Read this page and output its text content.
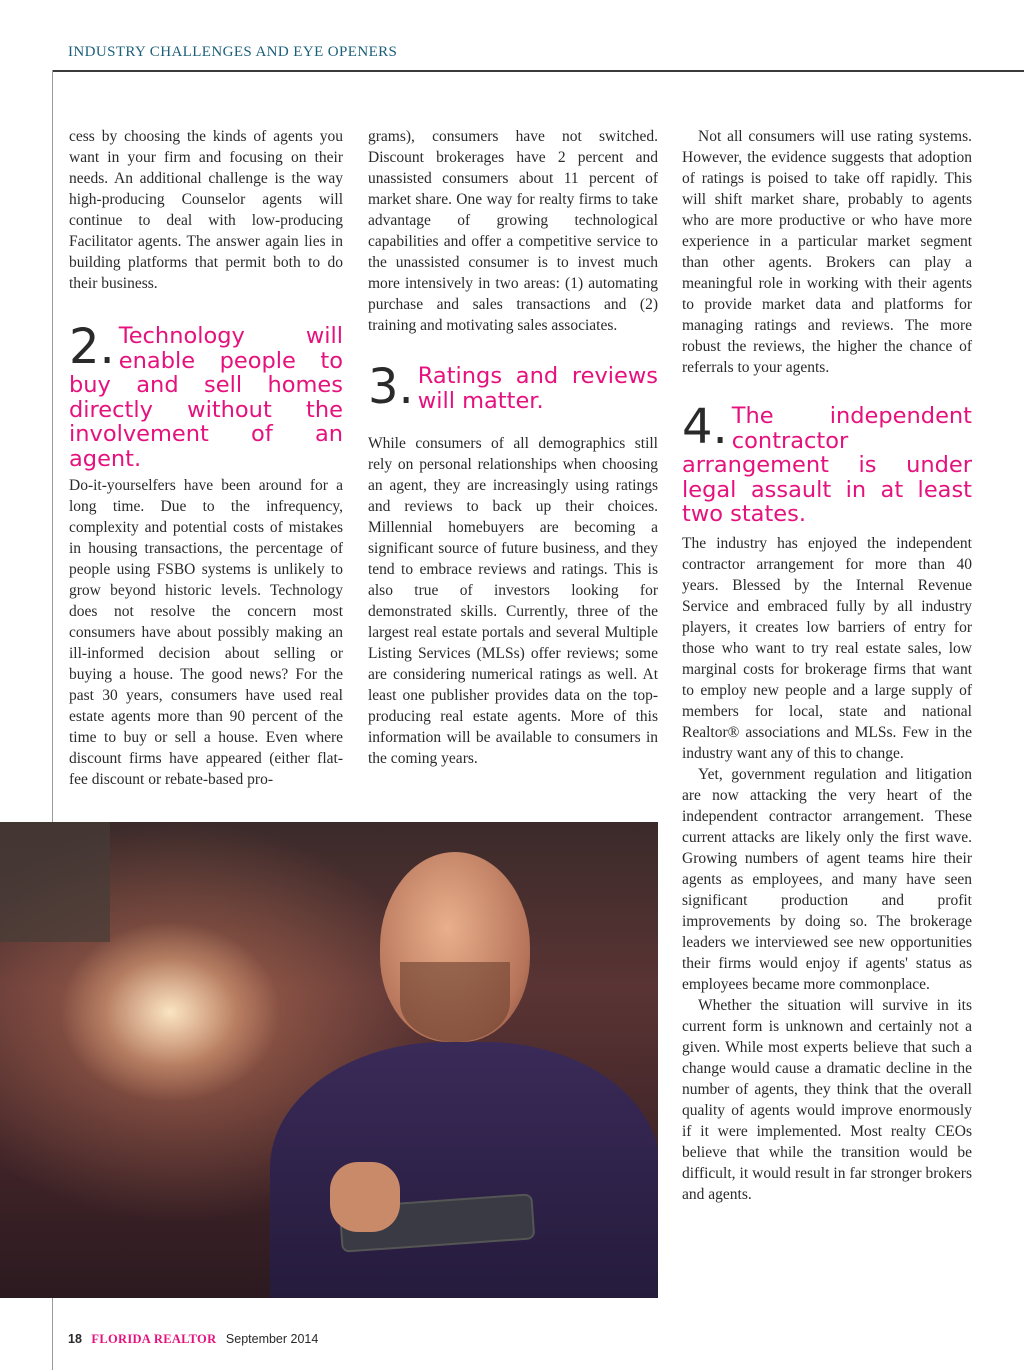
INDUSTRY CHALLENGES AND EYE OPENERS

cess by choosing the kinds of agents you want in your firm and focusing on their needs. An additional challenge is the way high-producing Counselor agents will continue to deal with low-producing Facilitator agents. The answer again lies in building platforms that permit both to do their business.

2. Technology will enable people to buy and sell homes directly without the involvement of an agent.

Do-it-yourselfers have been around for a long time. Due to the infrequency, complexity and potential costs of mistakes in housing transactions, the percentage of people using FSBO systems is unlikely to grow beyond historic levels. Technology does not resolve the concern most consumers have about possibly making an ill-informed decision about selling or buying a house. The good news? For the past 30 years, consumers have used real estate agents more than 90 percent of the time to buy or sell a house. Even where discount firms have appeared (either flat-fee discount or rebate-based pro-

grams), consumers have not switched. Discount brokerages have 2 percent and unassisted consumers about 11 percent of market share. One way for realty firms to take advantage of growing technological capabilities and offer a competitive service to the unassisted consumer is to invest much more intensively in two areas: (1) automating purchase and sales transactions and (2) training and motivating sales associates.

3. Ratings and reviews will matter.

While consumers of all demographics still rely on personal relationships when choosing an agent, they are increasingly using ratings and reviews to back up their choices. Millennial homebuyers are becoming a significant source of future business, and they tend to embrace reviews and ratings. This is also true of investors looking for demonstrated skills. Currently, three of the largest real estate portals and several Multiple Listing Services (MLSs) offer reviews; some are considering numerical ratings as well. At least one publisher provides data on the top-producing real estate agents. More of this information will be available to consumers in the coming years.

Not all consumers will use rating systems. However, the evidence suggests that adoption of ratings is poised to take off rapidly. This will shift market share, probably to agents who are more productive or who have more experience in a particular market segment than other agents. Brokers can play a meaningful role in working with their agents to provide market data and platforms for managing ratings and reviews. The more robust the reviews, the higher the chance of referrals to your agents.

4. The independent contractor arrangement is under legal assault in at least two states.

The industry has enjoyed the independent contractor arrangement for more than 40 years. Blessed by the Internal Revenue Service and embraced fully by all industry players, it creates low barriers of entry for those who want to try real estate sales, low marginal costs for brokerage firms that want to employ new people and a large supply of members for local, state and national Realtor® associations and MLSs. Few in the industry want any of this to change.

Yet, government regulation and litigation are now attacking the very heart of the independent contractor arrangement. These current attacks are likely only the first wave. Growing numbers of agent teams hire their agents as employees, and many have seen significant production and profit improvements by doing so. The brokerage leaders we interviewed see new opportunities their firms would enjoy if agents' status as employees became more commonplace.

Whether the situation will survive in its current form is unknown and certainly not a given. While most experts believe that such a change would cause a dramatic decline in the number of agents, they think that the overall quality of agents would improve enormously if it were implemented. Most realty CEOs believe that while the transition would be difficult, it would result in far stronger brokers and agents.

18 FLORIDA REALTOR September 2014
